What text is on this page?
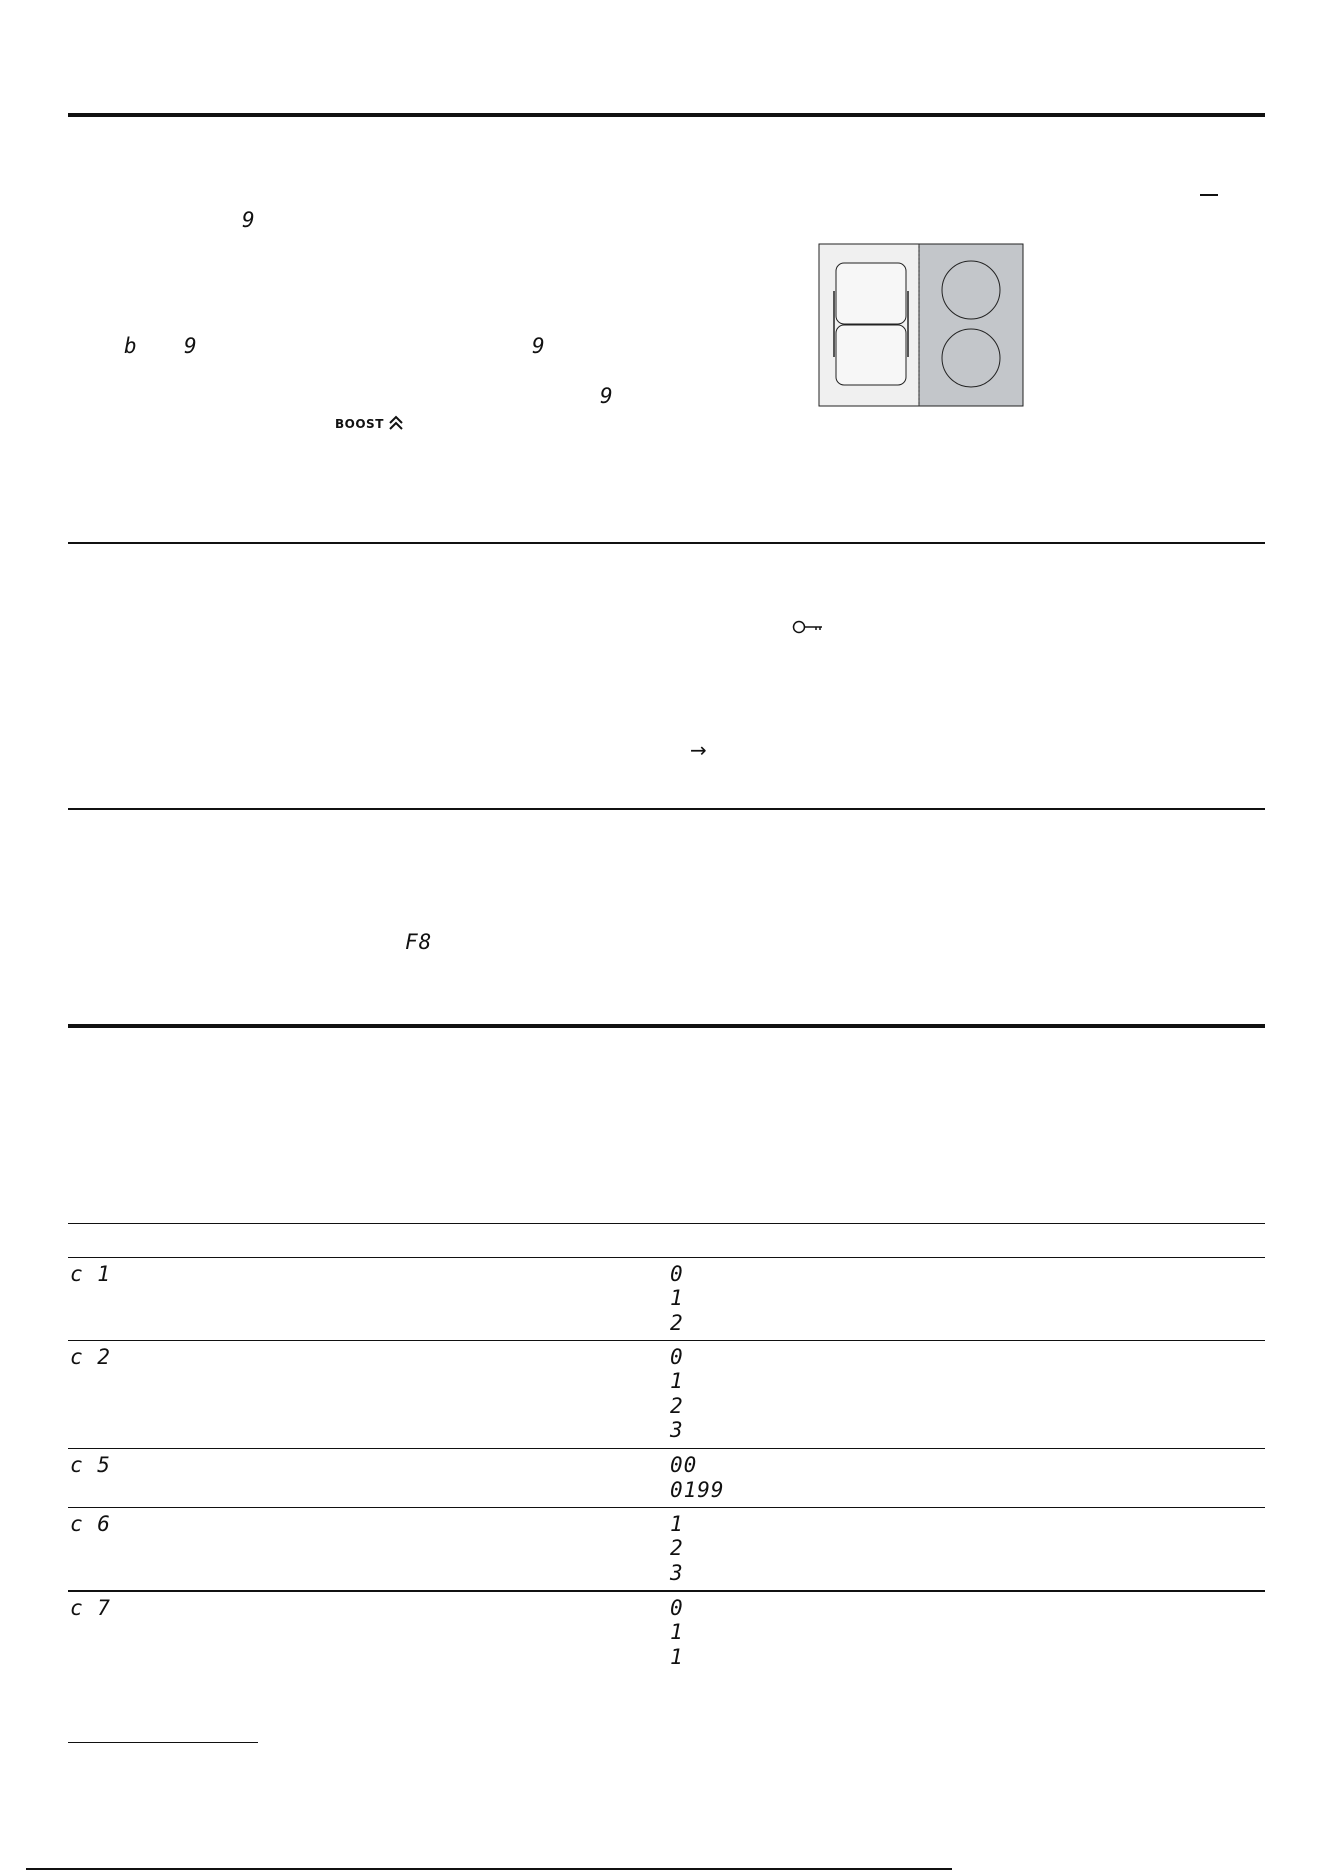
9
b 9	9
9
BOOST
→
F8
c 1	0
1
2
c 2	0
1
2
3
c 5	00
0199
c 6	1
2
3
c 7	0
1
1
